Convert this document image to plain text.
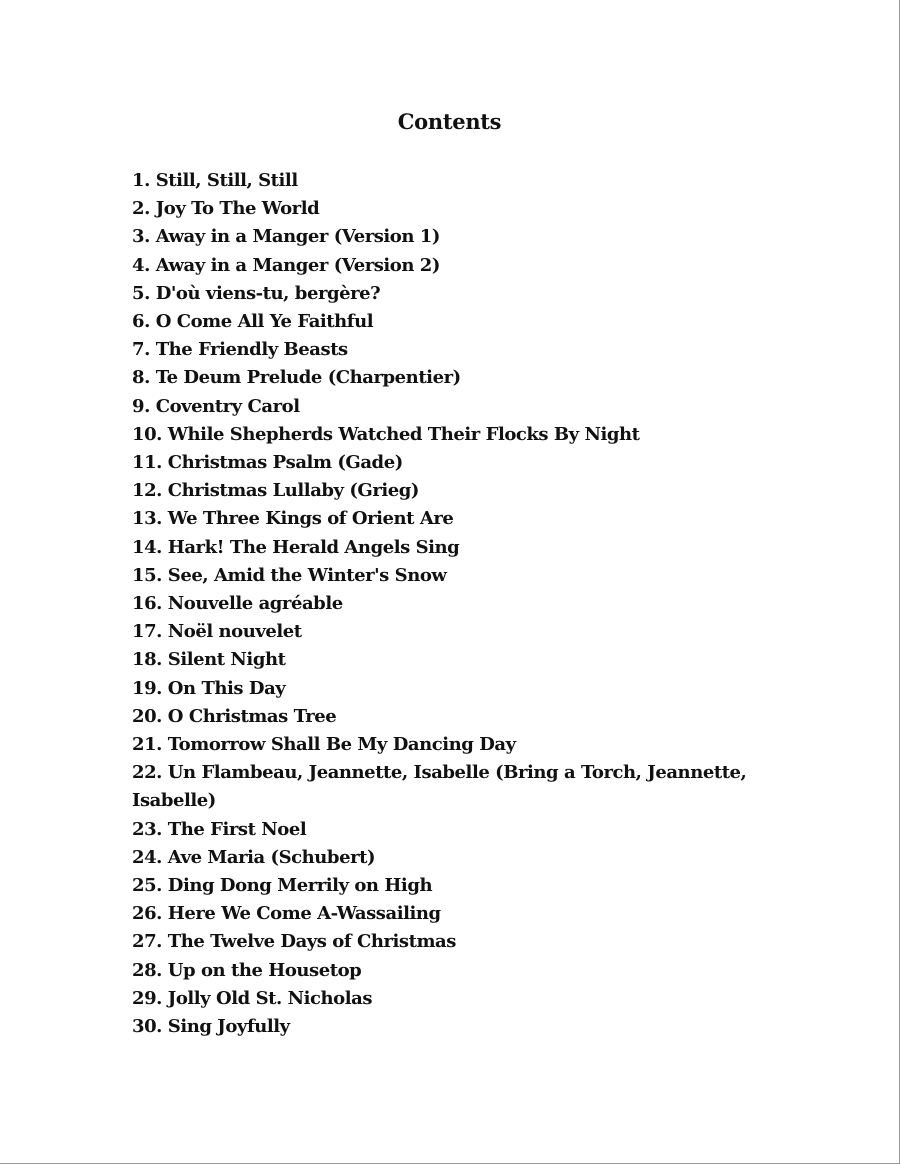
Contents
1. Still, Still, Still
2. Joy To The World
3. Away in a Manger (Version 1)
4. Away in a Manger (Version 2)
5. D'où viens-tu, bergère?
6. O Come All Ye Faithful
7. The Friendly Beasts
8. Te Deum Prelude (Charpentier)
9. Coventry Carol
10. While Shepherds Watched Their Flocks By Night
11. Christmas Psalm (Gade)
12. Christmas Lullaby (Grieg)
13. We Three Kings of Orient Are
14. Hark! The Herald Angels Sing
15. See, Amid the Winter's Snow
16. Nouvelle agréable
17. Noël nouvelet
18. Silent Night
19. On This Day
20. O Christmas Tree
21. Tomorrow Shall Be My Dancing Day
22. Un Flambeau, Jeannette, Isabelle (Bring a Torch, Jeannette, Isabelle)
23. The First Noel
24. Ave Maria (Schubert)
25. Ding Dong Merrily on High
26. Here We Come A-Wassailing
27. The Twelve Days of Christmas
28. Up on the Housetop
29. Jolly Old St. Nicholas
30. Sing Joyfully
